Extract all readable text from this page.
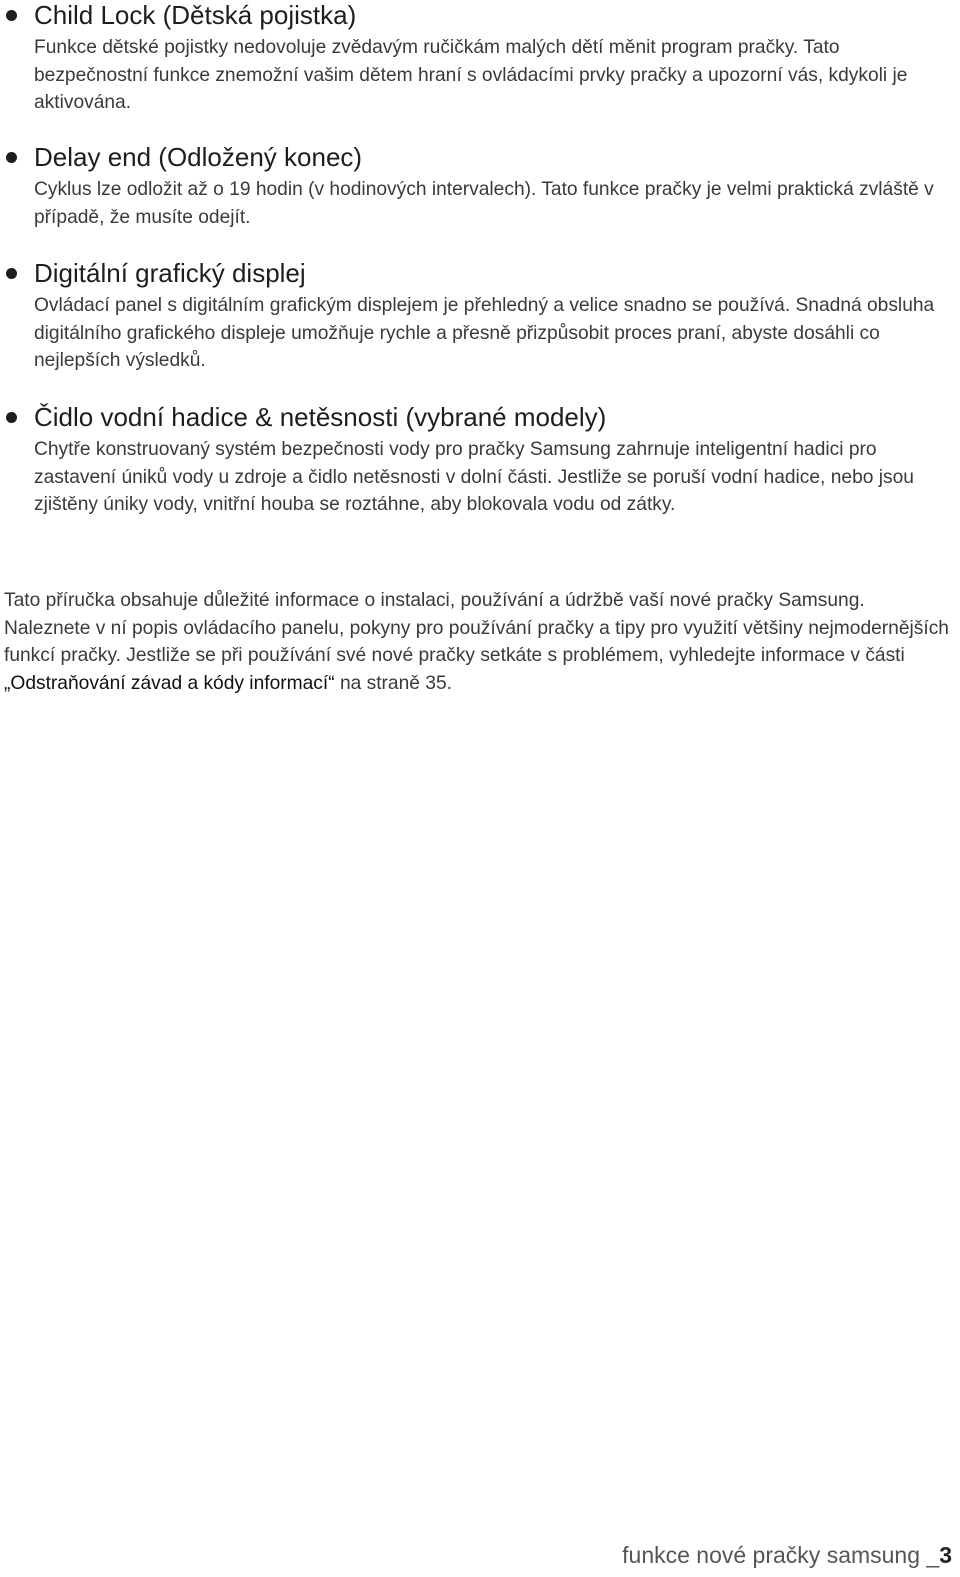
Child Lock (Dětská pojistka)

Funkce dětské pojistky nedovoluje zvědavým ručičkám malých dětí měnit program pračky. Tato bezpečnostní funkce znemožní vašim dětem hraní s ovládacími prvky pračky a upozorní vás, kdykoli je aktivována.

Delay end (Odložený konec)

Cyklus lze odložit až o 19 hodin (v hodinových intervalech). Tato funkce pračky je velmi praktická zvláště v případě, že musíte odejít.

Digitální grafický displej

Ovládací panel s digitálním grafickým displejem je přehledný a velice snadno se používá. Snadná obsluha digitálního grafického displeje umožňuje rychle a přesně přizpůsobit proces praní, abyste dosáhli co nejlepších výsledků.

Čidlo vodní hadice & netěsnosti (vybrané modely)

Chytře konstruovaný systém bezpečnosti vody pro pračky Samsung zahrnuje inteligentní hadici pro zastavení úniků vody u zdroje a čidlo netěsnosti v dolní části. Jestliže se poruší vodní hadice, nebo jsou zjištěny úniky vody, vnitřní houba se roztáhne, aby blokovala vodu od zátky.

Tato příručka obsahuje důležité informace o instalaci, používání a údržbě vaší nové pračky Samsung. Naleznete v ní popis ovládacího panelu, pokyny pro používání pračky a tipy pro využití většiny nejmodernějších funkcí pračky. Jestliže se při používání své nové pračky setkáte s problémem, vyhledejte informace v části „Odstraňování závad a kódy informací“ na straně 35.

funkce nové pračky samsung _3
